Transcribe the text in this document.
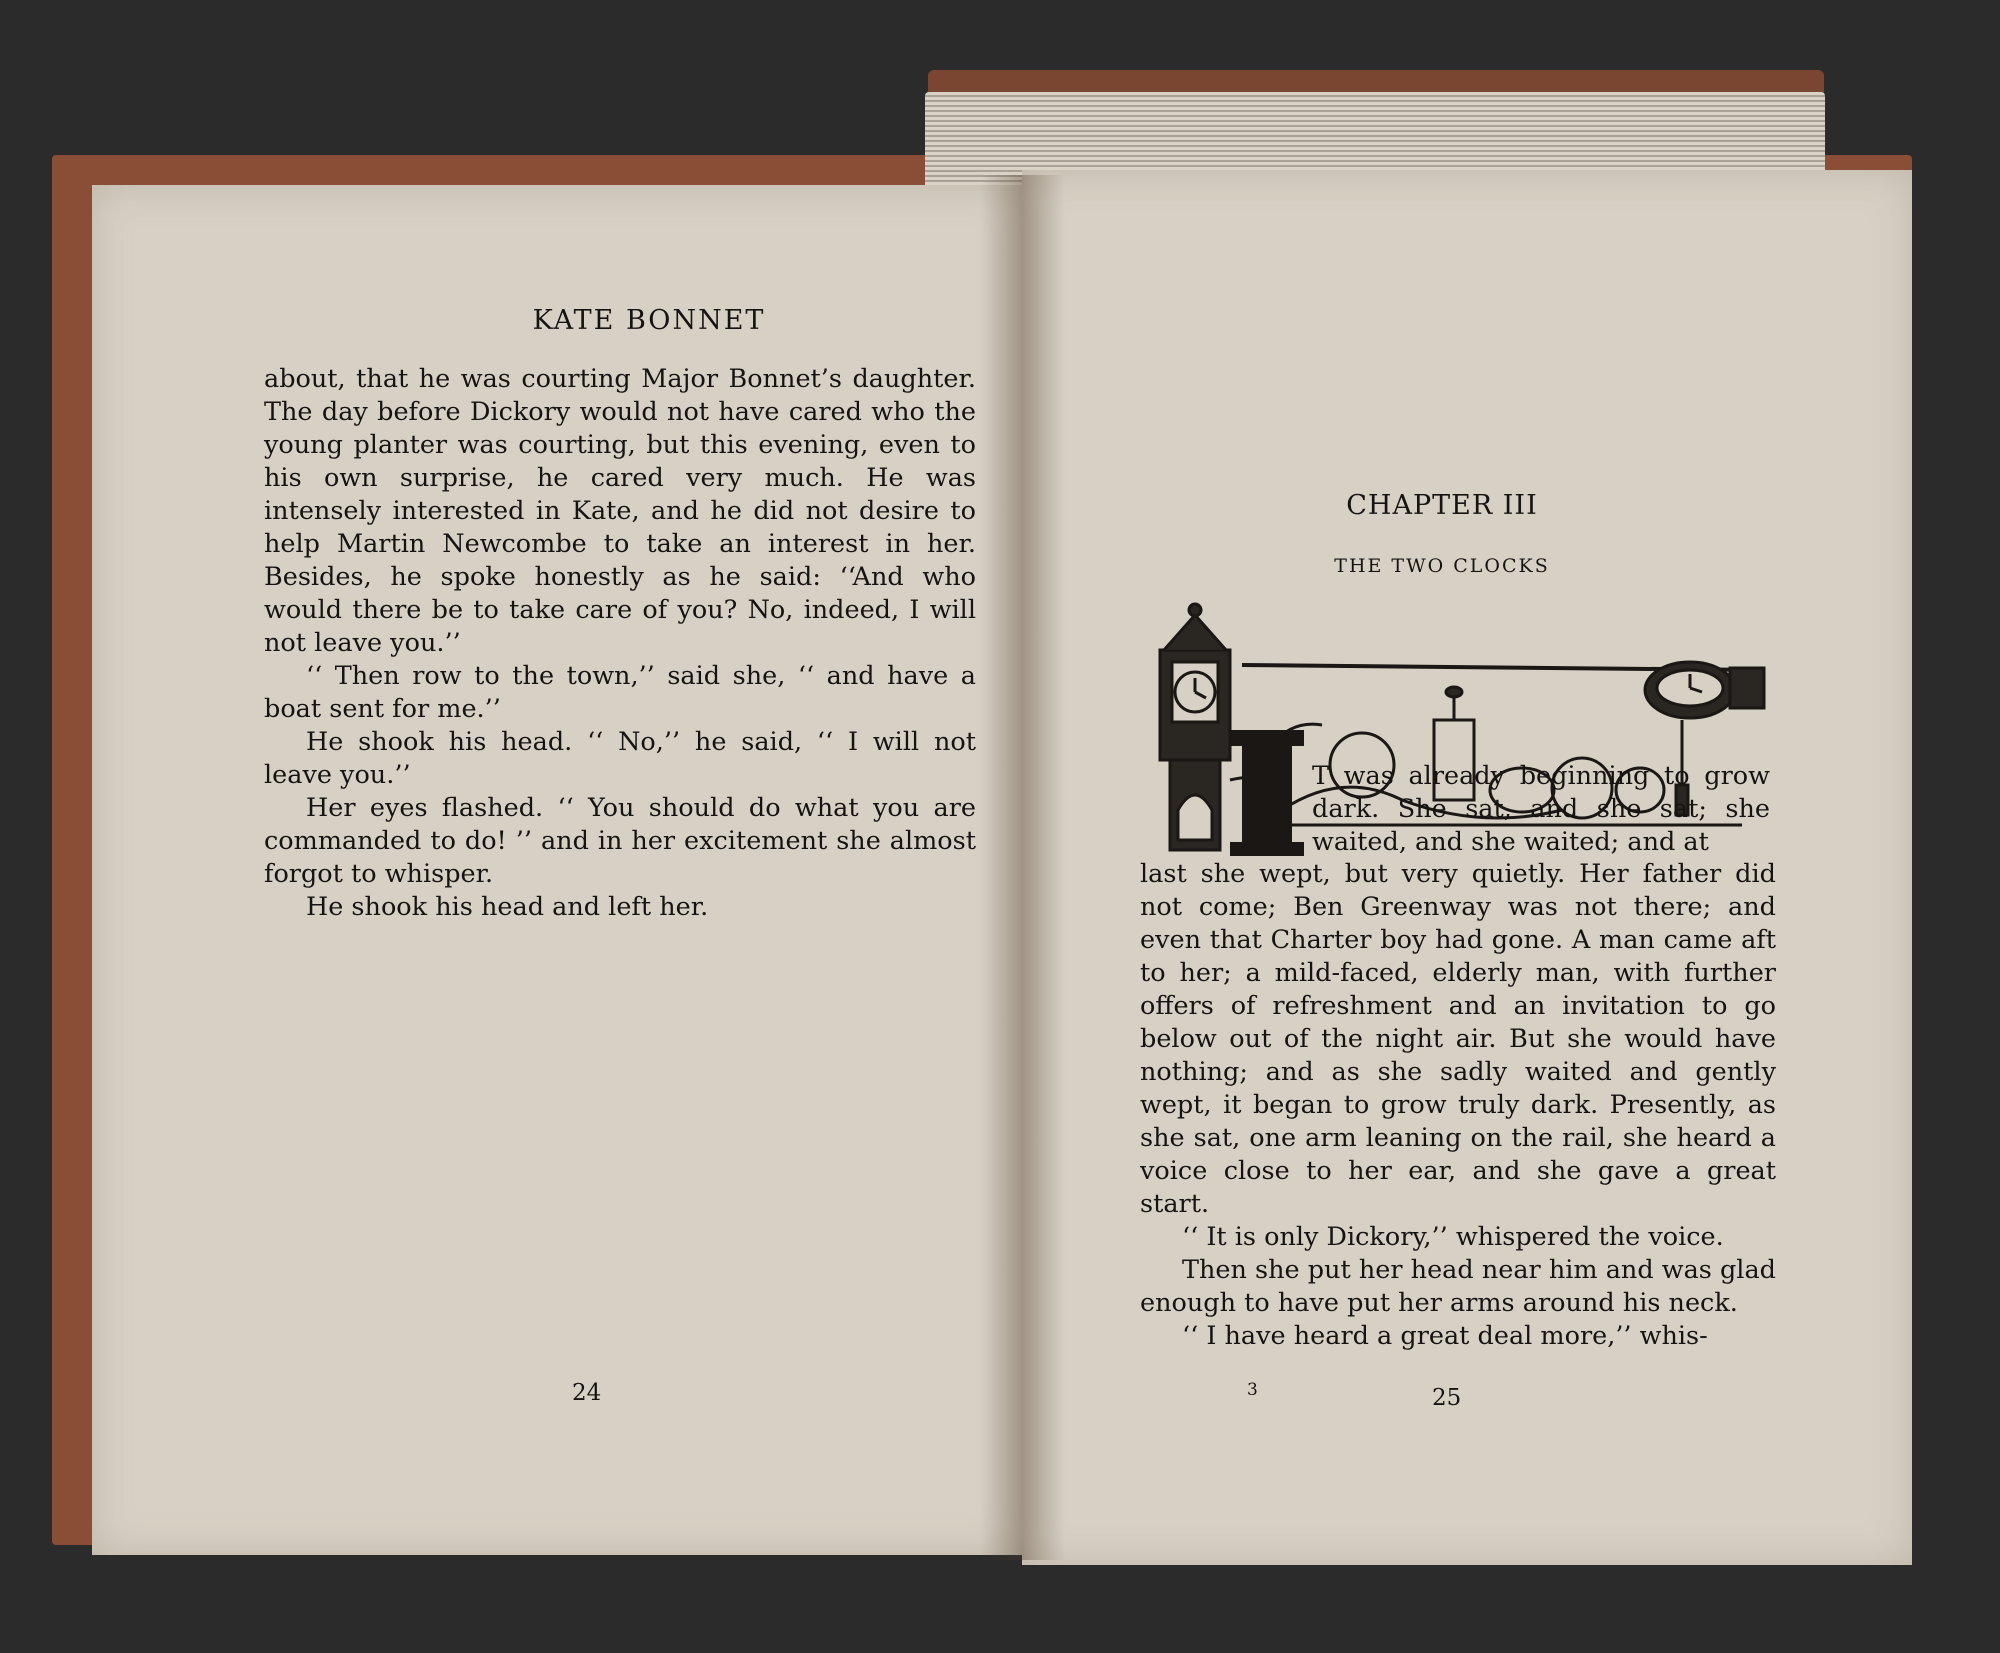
KATE BONNET

about, that he was courting Major Bonnet’s daughter. The day before Dickory would not have cared who the young planter was courting, but this evening, even to his own surprise, he cared very much. He was intensely interested in Kate, and he did not desire to help Martin Newcombe to take an interest in her. Besides, he spoke honestly as he said: ‘‘And who would there be to take care of you? No, indeed, I will not leave you.’’

‘‘ Then row to the town,’’ said she, ‘‘ and have a boat sent for me.’’

He shook his head. ‘‘ No,’’ he said, ‘‘ I will not leave you.’’

Her eyes flashed. ‘‘ You should do what you are commanded to do! ’’ and in her excitement she almost forgot to whisper.

He shook his head and left her.

24
CHAPTER III
THE TWO CLOCKS
T was already beginning to grow dark. She sat, and she sat; she waited, and she waited; and at

last she wept, but very quietly. Her father did not come; Ben Greenway was not there; and even that Charter boy had gone. A man came aft to her; a mild-faced, elderly man, with further offers of refreshment and an invitation to go below out of the night air. But she would have nothing; and as she sadly waited and gently wept, it began to grow truly dark. Presently, as she sat, one arm leaning on the rail, she heard a voice close to her ear, and she gave a great start.

‘‘ It is only Dickory,’’ whispered the voice.

Then she put her head near him and was glad enough to have put her arms around his neck.

‘‘ I have heard a great deal more,’’ whis-

3	25
